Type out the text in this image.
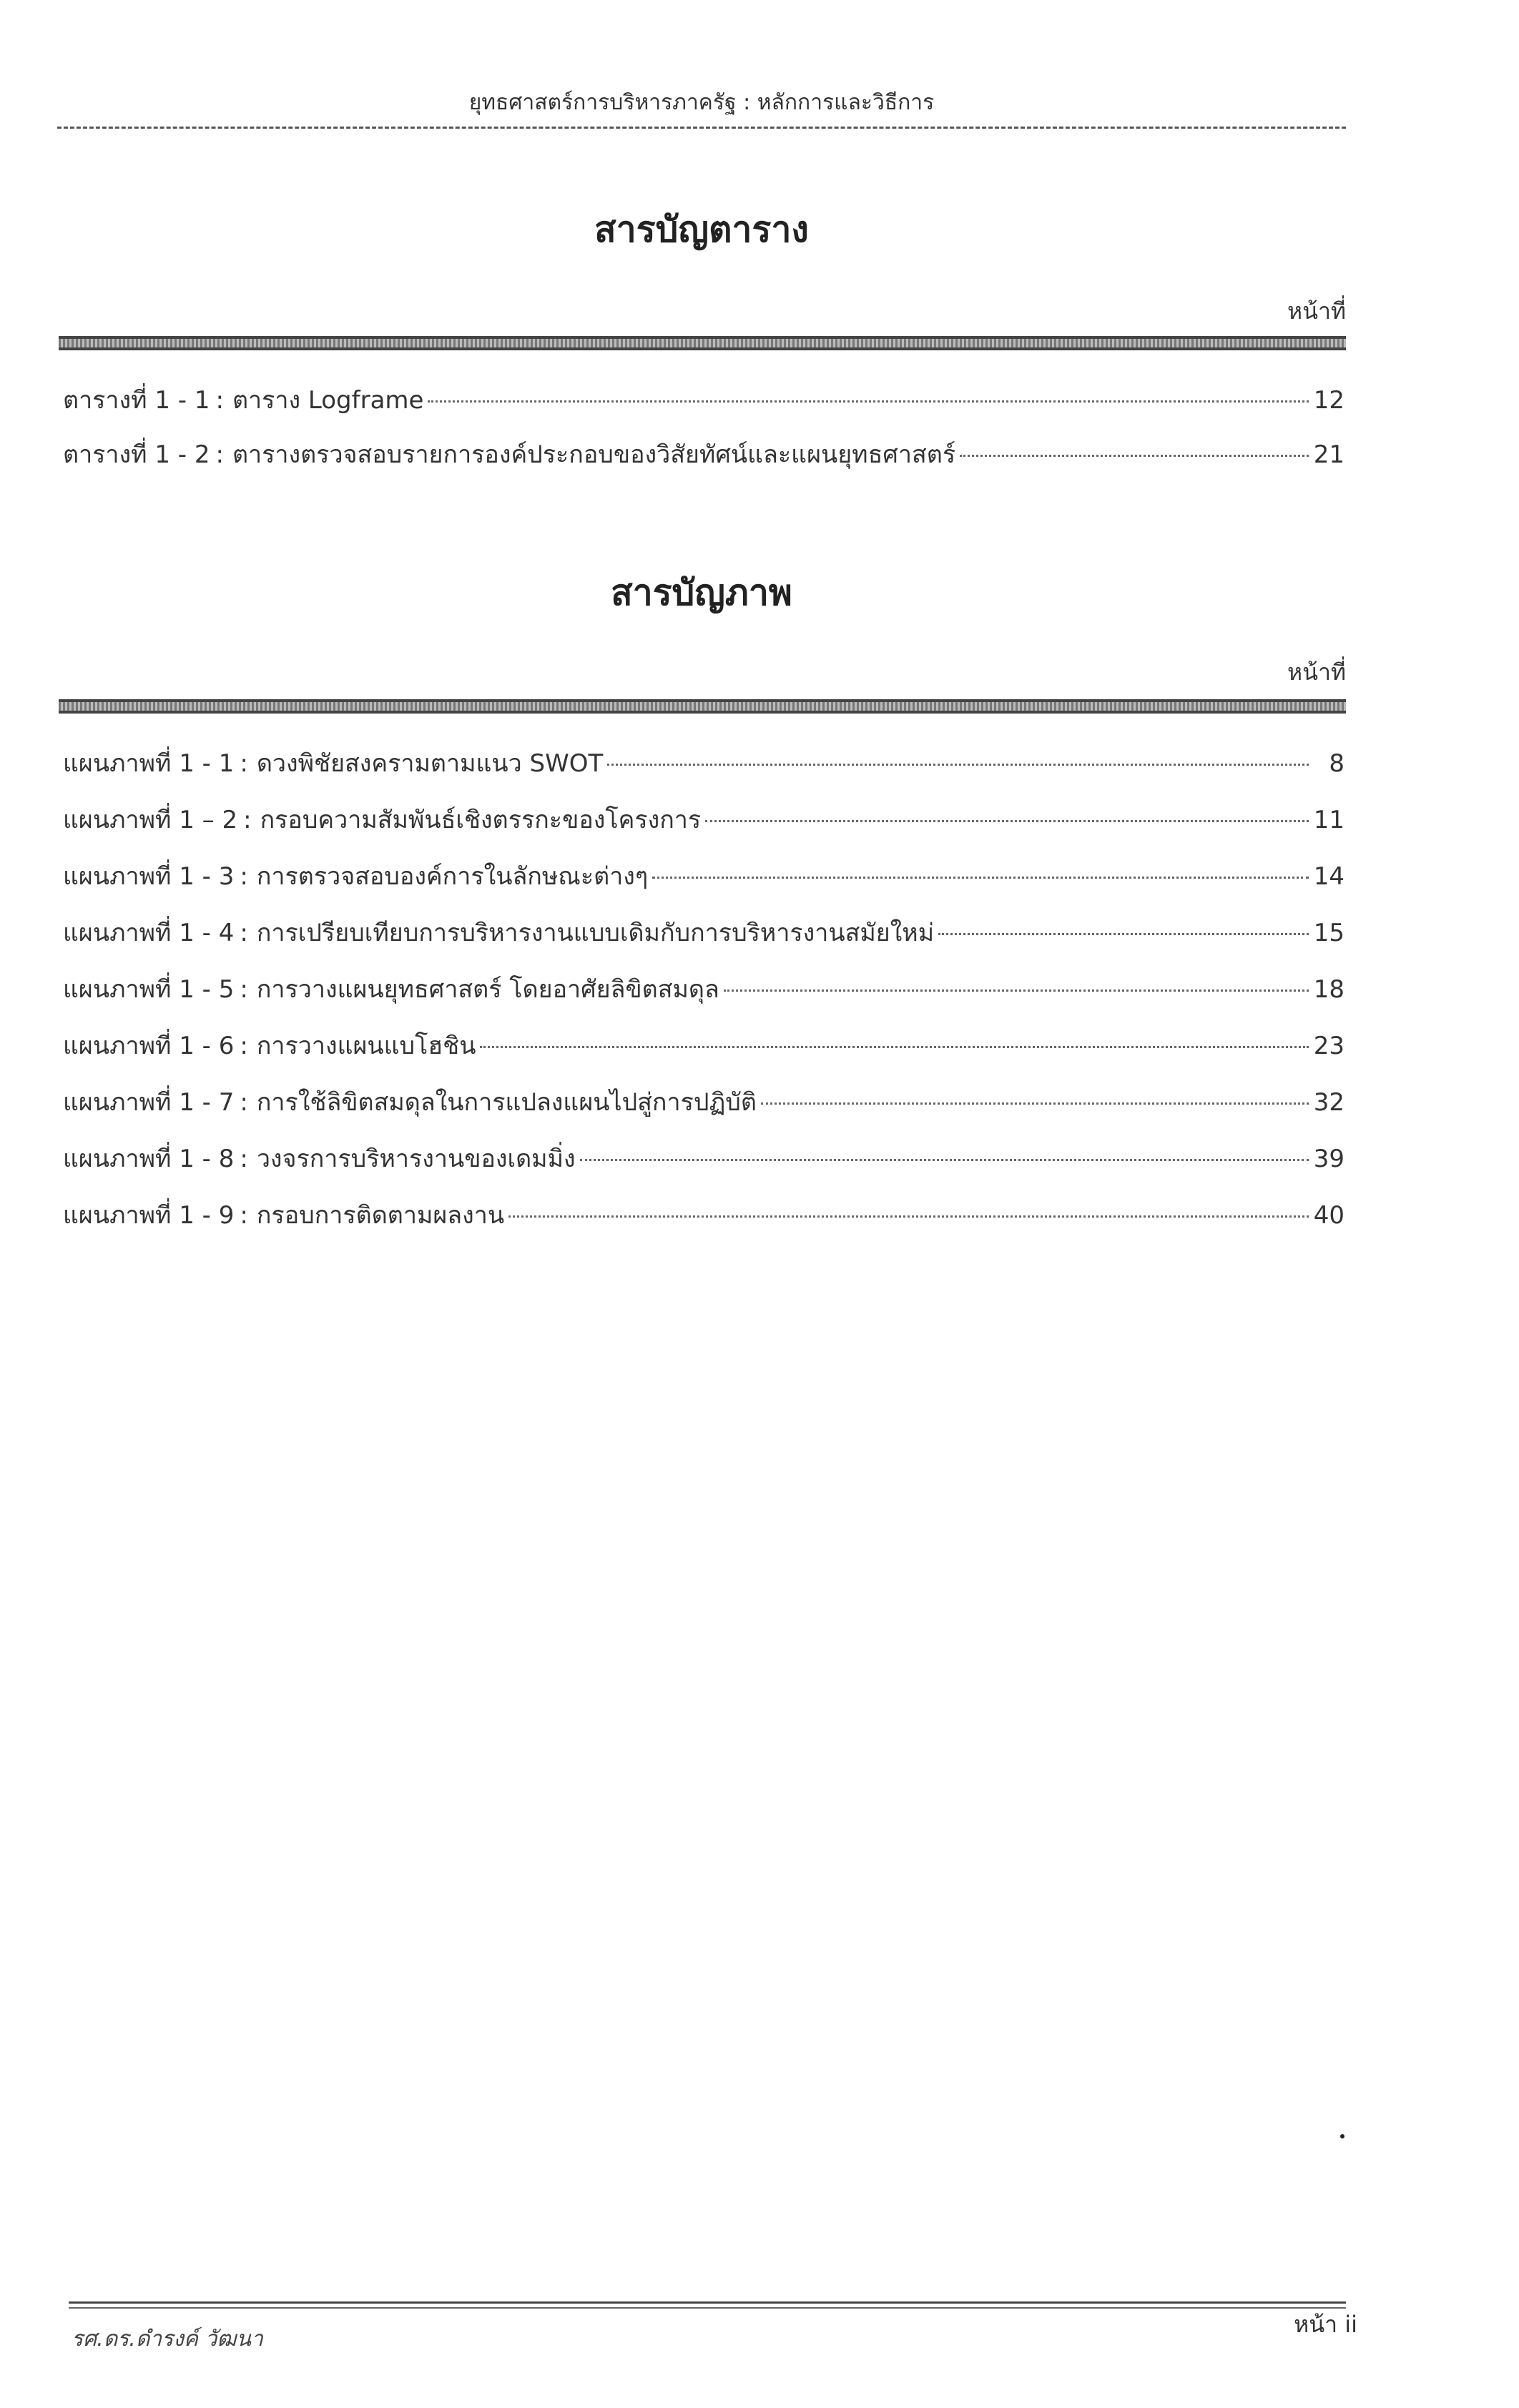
ยุทธศาสตร์การบริหารภาครัฐ : หลักการและวิธีการ
สารบัญตาราง
หน้าที่
ตารางที่ 1 - 1 : ตาราง Logframe	12
ตารางที่ 1 - 2 : ตารางตรวจสอบรายการองค์ประกอบของวิสัยทัศน์และแผนยุทธศาสตร์	21
สารบัญภาพ
หน้าที่
แผนภาพที่ 1 - 1 : ดวงพิชัยสงครามตามแนว SWOT	8
แผนภาพที่ 1 – 2 : กรอบความสัมพันธ์เชิงตรรกะของโครงการ	11
แผนภาพที่ 1 - 3 : การตรวจสอบองค์การในลักษณะต่างๆ	14
แผนภาพที่ 1 - 4 : การเปรียบเทียบการบริหารงานแบบเดิมกับการบริหารงานสมัยใหม่	15
แผนภาพที่ 1 - 5 : การวางแผนยุทธศาสตร์ โดยอาศัยลิขิตสมดุล	18
แผนภาพที่ 1 - 6 : การวางแผนแบโฮชิน	23
แผนภาพที่ 1 - 7 : การใช้ลิขิตสมดุลในการแปลงแผนไปสู่การปฏิบัติ	32
แผนภาพที่ 1 - 8 : วงจรการบริหารงานของเดมมิ่ง	39
แผนภาพที่ 1 - 9 : กรอบการติดตามผลงาน	40
รศ.ดร.ดำรงค์ วัฒนา
หน้า ii
